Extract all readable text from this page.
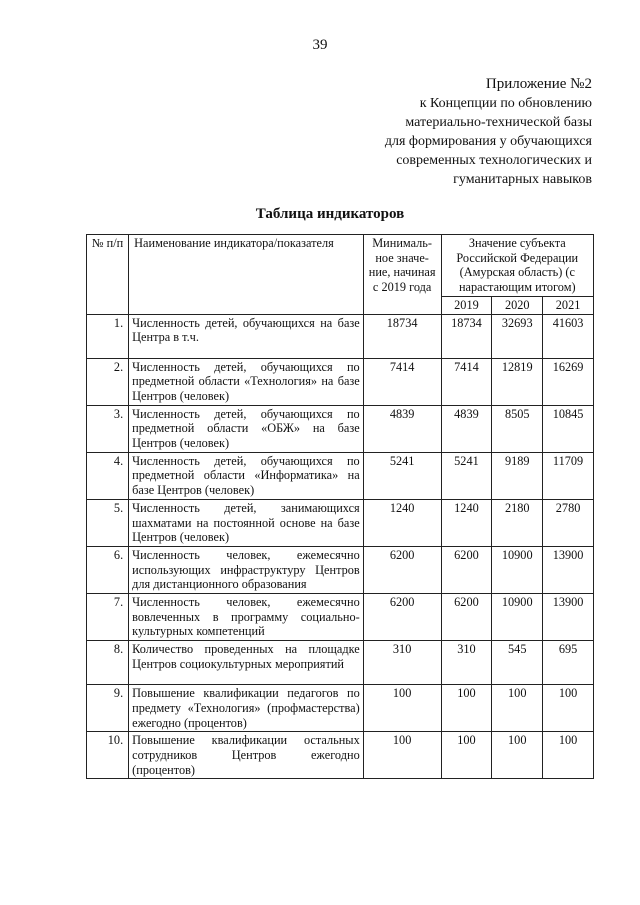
39
Приложение №2
к Концепции по обновлению
материально-технической базы
для формирования у обучающихся
современных технологических и
гуманитарных навыков
Таблица индикаторов
№ п/п	Наименование индикатора/показателя	Минималь-ное значе-ние, начиная с 2019 года	Значение субъекта Российской Федерации (Амурская область) (с нарастающим итогом)		
			2019	2020	2021
1.	Численность детей, обучающихся на базе Центра в т.ч.	18734	18734	32693	41603
2.	Численность детей, обучающихся по предметной области «Технология» на базе Центров (человек)	7414	7414	12819	16269
3.	Численность детей, обучающихся по предметной области «ОБЖ» на базе Центров (человек)	4839	4839	8505	10845
4.	Численность детей, обучающихся по предметной области «Информатика» на базе Центров (человек)	5241	5241	9189	11709
5.	Численность детей, занимающихся шахматами на постоянной основе на базе Центров (человек)	1240	1240	2180	2780
6.	Численность человек, ежемесячно использующих инфраструктуру Центров для дистанционного образования	6200	6200	10900	13900
7.	Численность человек, ежемесячно вовлеченных в программу социально-культурных компетенций	6200	6200	10900	13900
8.	Количество проведенных на площадке Центров социокультурных мероприятий	310	310	545	695
9.	Повышение квалификации педагогов по предмету «Технология» (профмастерства) ежегодно (процентов)	100	100	100	100
10.	Повышение квалификации остальных сотрудников Центров ежегодно (процентов)	100	100	100	100
